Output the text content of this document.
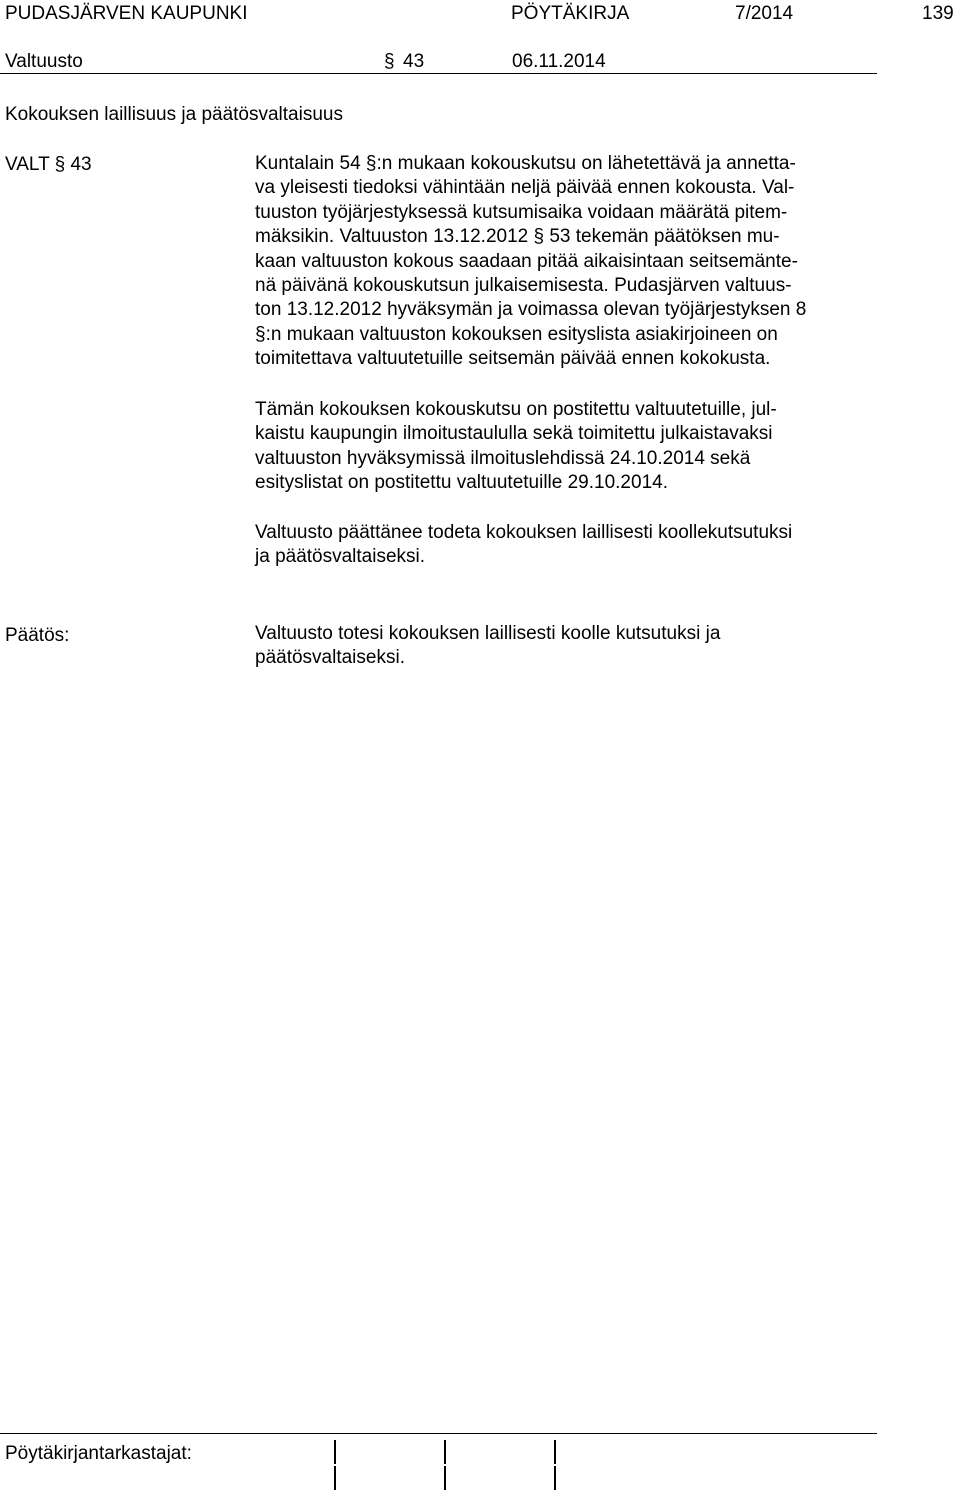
PUDASJÄRVEN KAUPUNKI	PÖYTÄKIRJA	7/2014	139
Valtuusto	§ 43	06.11.2014
Kokouksen laillisuus ja päätösvaltaisuus
VALT § 43	Kuntalain 54 §:n mukaan kokouskutsu on lähetettävä ja annetta-
va yleisesti tiedoksi vähintään neljä päivää ennen kokousta. Val-
tuuston työjärjestyksessä kutsumisaika voidaan määrätä pitem-
mäksikin. Valtuuston 13.12.2012 § 53 tekemän päätöksen mu-
kaan valtuuston kokous saadaan pitää aikaisintaan seitsemänte-
nä päivänä kokouskutsun julkaisemisesta. Pudasjärven valtuus-
ton 13.12.2012 hyväksymän ja voimassa olevan työjärjestyksen 8
§:n mukaan valtuuston kokouksen esityslista asiakirjoineen on
toimitettava valtuutetuille seitsemän päivää ennen kokokusta.
Tämän kokouksen kokouskutsu on postitettu valtuutetuille, jul-
kaistu kaupungin ilmoitustaululla sekä toimitettu julkaistavaksi
valtuuston hyväksymissä ilmoituslehdissä 24.10.2014 sekä
esityslistat on postitettu valtuutetuille 29.10.2014.
Valtuusto päättänee todeta kokouksen laillisesti koollekutsutuksi
ja päätösvaltaiseksi.
Päätös:	Valtuusto totesi kokouksen laillisesti koolle kutsutuksi ja
päätösvaltaiseksi.
Pöytäkirjantarkastajat:
